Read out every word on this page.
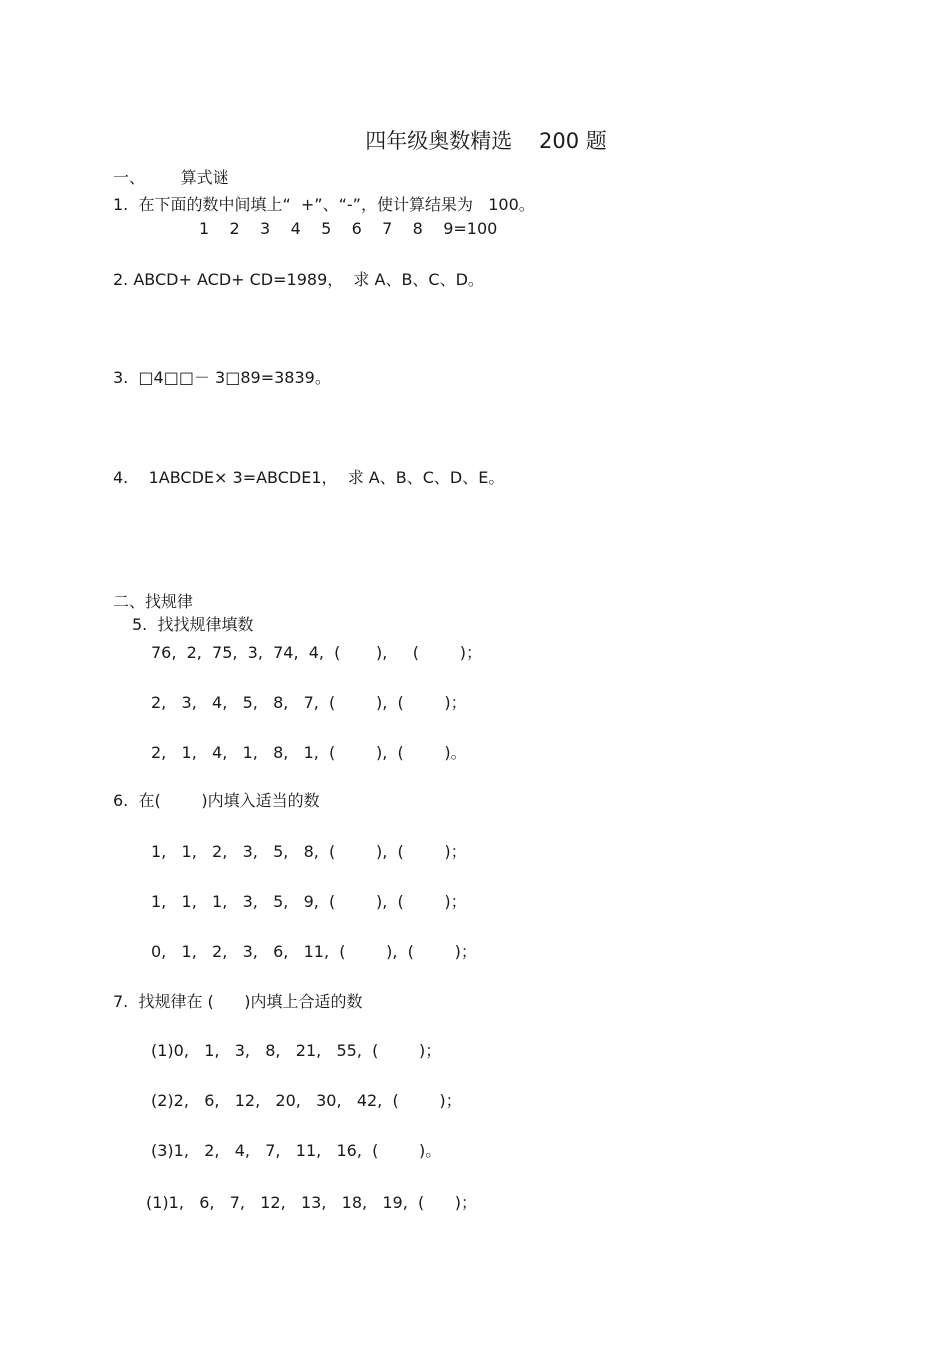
四年级奥数精选    200 题
一、       算式谜
1.  在下面的数中间填上“  +”、“-”，使计算结果为   100。
1    2    3    4    5    6    7    8    9=100
2. ABCD+ ACD+ CD=1989，  求 A、B、C、D。
3.  □4□□－ 3□89=3839。
4.    1ABCDE× 3=ABCDE1，  求 A、B、C、D、E。
二、找规律
5.  找找规律填数
76,  2,  75,  3,  74,  4,  (       ),     (        )；
2,   3,   4,   5,   8,   7,  (        ),  (        )；
2,   1,   4,   1,   8,   1,  (        ),  (        )。
6.  在(        )内填入适当的数
1,   1,   2,   3,   5,   8,  (        ),  (        )；
1,   1,   1,   3,   5,   9,  (        ),  (        )；
0,   1,   2,   3,   6,   11,  (        ),  (        )；
7.  找规律在 (      )内填上合适的数
(1)0,   1,   3,   8,   21,   55,  (        )；
(2)2,   6,   12,   20,   30,   42,  (        )；
(3)1,   2,   4,   7,   11,   16,  (        )。
(1)1,   6,   7,   12,   13,   18,   19,  (      )；
